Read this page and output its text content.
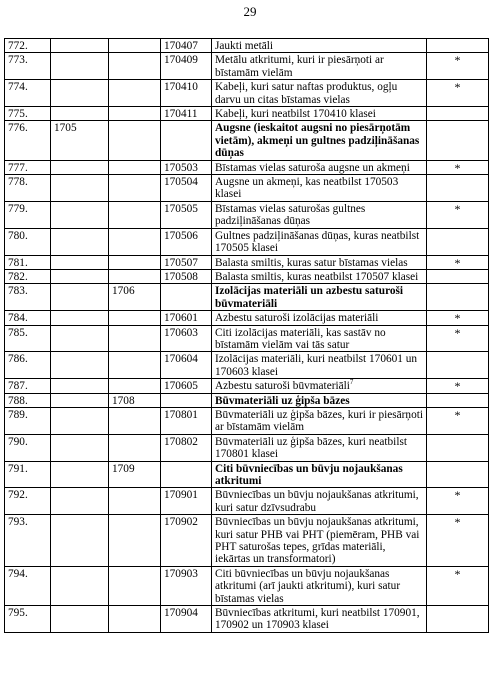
29
772.			170407	Jaukti metāli	
773.			170409	Metālu atkritumi, kuri ir piesārņoti ar bīstamām vielām	*
774.			170410	Kabeļi, kuri satur naftas produktus, ogļu darvu un citas bīstamas vielas	*
775.			170411	Kabeļi, kuri neatbilst 170410 klasei	
776.	1705			Augsne (ieskaitot augsni no piesārņotām vietām), akmeņi un gultnes padziļināšanas dūņas	
777.			170503	Bīstamas vielas saturoša augsne un akmeņi	*
778.			170504	Augsne un akmeņi, kas neatbilst 170503 klasei	
779.			170505	Bīstamas vielas saturošas gultnes padziļināšanas dūņas	*
780.			170506	Gultnes padziļināšanas dūņas, kuras neatbilst 170505 klasei	
781.			170507	Balasta smiltis, kuras satur bīstamas vielas	*
782.			170508	Balasta smiltis, kuras neatbilst 170507 klasei	
783.		1706		Izolācijas materiāli un azbestu saturoši būvmateriāli	
784.			170601	Azbestu saturoši izolācijas materiāli	*
785.			170603	Citi izolācijas materiāli, kas sastāv no bīstamām vielām vai tās satur	*
786.			170604	Izolācijas materiāli, kuri neatbilst 170601 un 170603 klasei	
787.			170605	Azbestu saturoši būvmateriāli$^7$	*
788.		1708		Būvmateriāli uz ģipša bāzes	
789.			170801	Būvmateriāli uz ģipša bāzes, kuri ir piesārņoti ar bīstamām vielām	*
790.			170802	Būvmateriāli uz ģipša bāzes, kuri neatbilst 170801 klasei	
791.		1709		Citi būvniecības un būvju nojaukšanas atkritumi	
792.			170901	Būvniecības un būvju nojaukšanas atkritumi, kuri satur dzīvsudrabu	*
793.			170902	Būvniecības un būvju nojaukšanas atkritumi, kuri satur PHB vai PHT (piemēram, PHB vai PHT saturošas tepes, grīdas materiāli, iekārtas un transformatori)	*
794.			170903	Citi būvniecības un būvju nojaukšanas atkritumi (arī jaukti atkritumi), kuri satur bīstamas vielas	*
795.			170904	Būvniecības atkritumi, kuri neatbilst 170901, 170902 un 170903 klasei	
